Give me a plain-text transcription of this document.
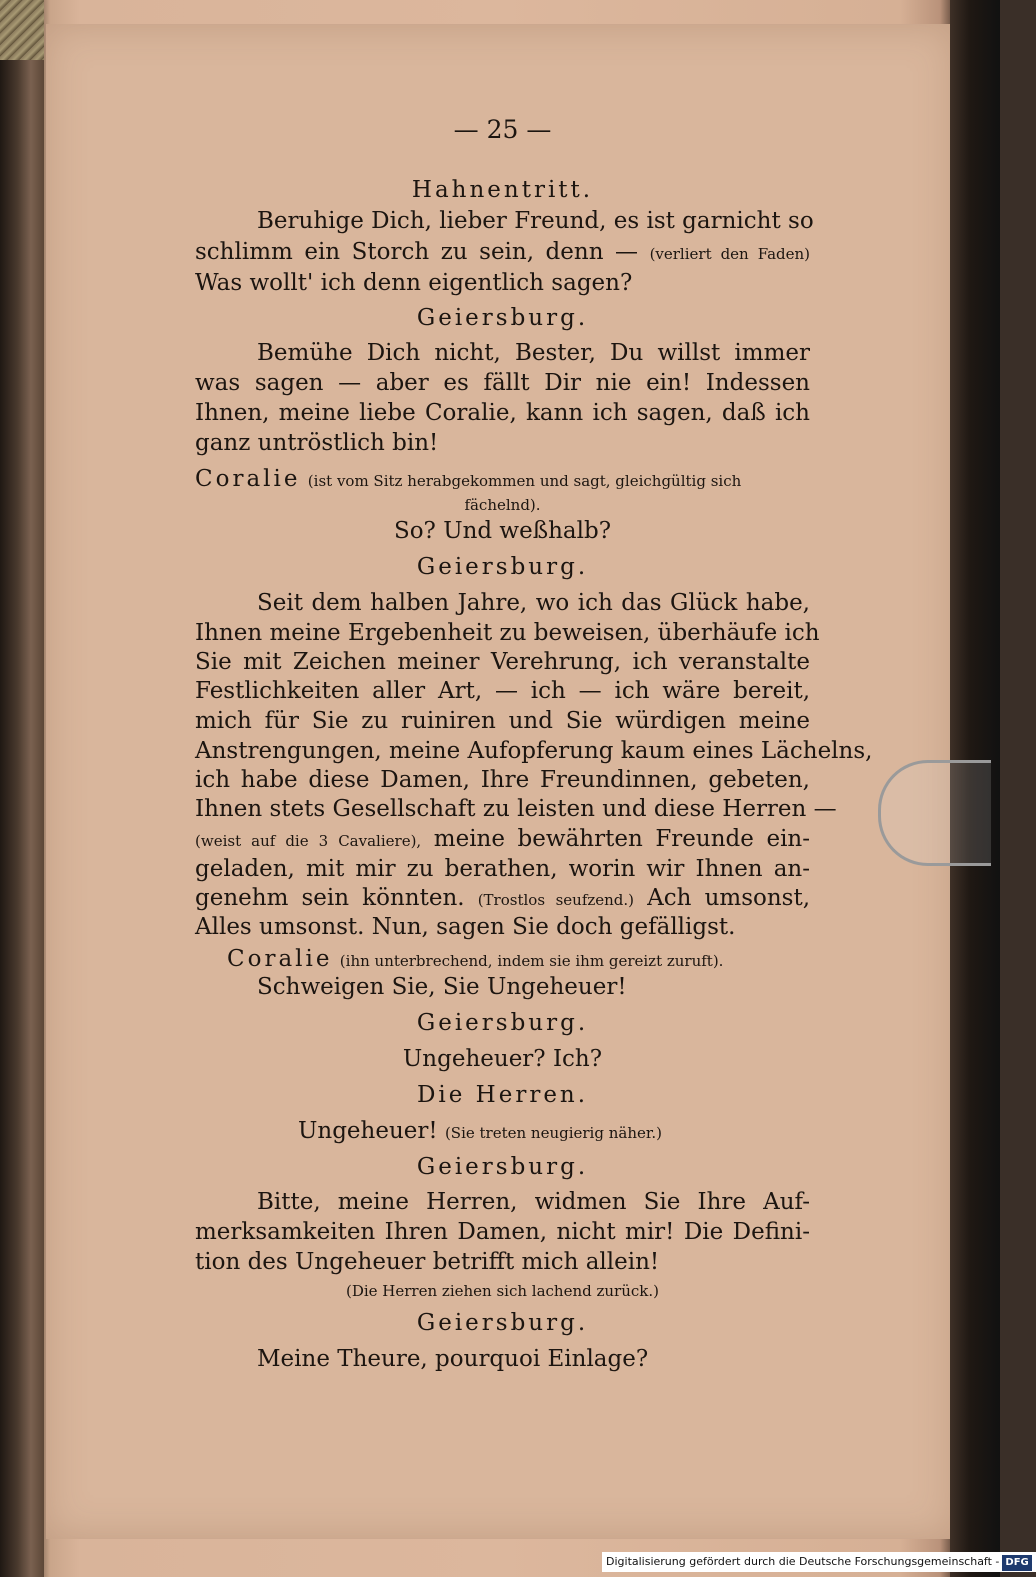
— 25 —
Hahnentritt.
Beruhige Dich, lieber Freund, es ist garnicht so
schlimm ein Storch zu sein, denn — (verliert den Faden)
Was wollt' ich denn eigentlich sagen?
Geiersburg.
Bemühe Dich nicht, Bester, Du willst immer
was sagen — aber es fällt Dir nie ein! Indessen
Ihnen, meine liebe Coralie, kann ich sagen, daß ich
ganz untröstlich bin!
Coralie (ist vom Sitz herabgekommen und sagt, gleichgültig sich
fächelnd).
So? Und weßhalb?
Geiersburg.
Seit dem halben Jahre, wo ich das Glück habe,
Ihnen meine Ergebenheit zu beweisen, überhäufe ich
Sie mit Zeichen meiner Verehrung, ich veranstalte
Festlichkeiten aller Art, — ich — ich wäre bereit,
mich für Sie zu ruiniren und Sie würdigen meine
Anstrengungen, meine Aufopferung kaum eines Lächelns,
ich habe diese Damen, Ihre Freundinnen, gebeten,
Ihnen stets Gesellschaft zu leisten und diese Herren —
(weist auf die 3 Cavaliere), meine bewährten Freunde ein-
geladen, mit mir zu berathen, worin wir Ihnen an-
genehm sein könnten. (Trostlos seufzend.) Ach umsonst,
Alles umsonst. Nun, sagen Sie doch gefälligst.
Coralie (ihn unterbrechend, indem sie ihm gereizt zuruft).
Schweigen Sie, Sie Ungeheuer!
Geiersburg.
Ungeheuer? Ich?
Die Herren.
Ungeheuer! (Sie treten neugierig näher.)
Geiersburg.
Bitte, meine Herren, widmen Sie Ihre Auf-
merksamkeiten Ihren Damen, nicht mir! Die Defini-
tion des Ungeheuer betrifft mich allein!
(Die Herren ziehen sich lachend zurück.)
Geiersburg.
Meine Theure, pourquoi Einlage?
Digitalisierung gefördert durch die Deutsche Forschungsgemeinschaft - DFG
